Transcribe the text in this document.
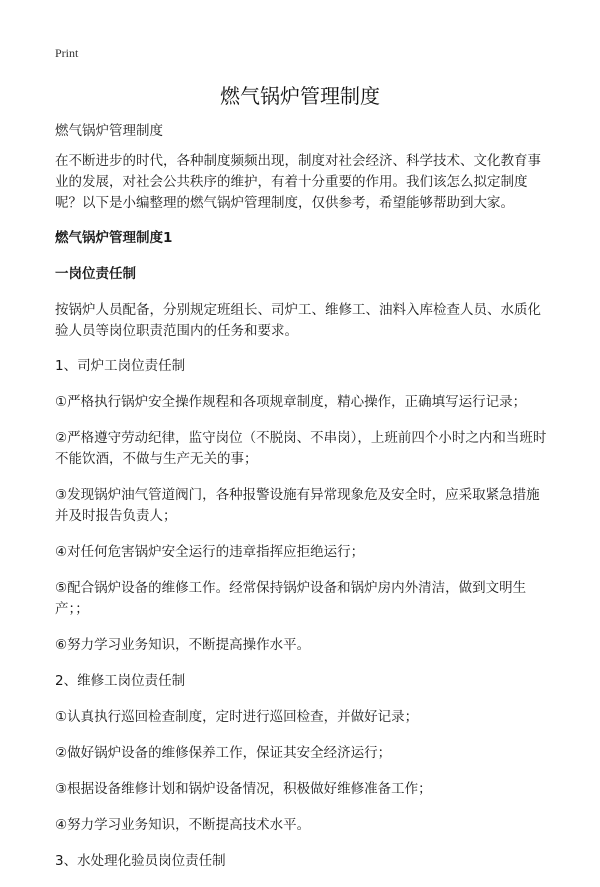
Print
燃气锅炉管理制度

燃气锅炉管理制度

在不断进步的时代，各种制度频频出现，制度对社会经济、科学技术、文化教育事业的发展，对社会公共秩序的维护，有着十分重要的作用。我们该怎么拟定制度呢？以下是小编整理的燃气锅炉管理制度，仅供参考，希望能够帮助到大家。

燃气锅炉管理制度1

一岗位责任制

按锅炉人员配备，分别规定班组长、司炉工、维修工、油料入库检查人员、水质化验人员等岗位职责范围内的任务和要求。

1、司炉工岗位责任制

①严格执行锅炉安全操作规程和各项规章制度，精心操作，正确填写运行记录；

②严格遵守劳动纪律，监守岗位（不脱岗、不串岗），上班前四个小时之内和当班时不能饮酒，不做与生产无关的事；

③发现锅炉油气管道阀门，各种报警设施有异常现象危及安全时，应采取紧急措施并及时报告负责人；

④对任何危害锅炉安全运行的违章指挥应拒绝运行；

⑤配合锅炉设备的维修工作。经常保持锅炉设备和锅炉房内外清洁，做到文明生产；；

⑥努力学习业务知识，不断提高操作水平。

2、维修工岗位责任制

①认真执行巡回检查制度，定时进行巡回检查，并做好记录；

②做好锅炉设备的维修保养工作，保证其安全经济运行；

③根据设备维修计划和锅炉设备情况，积极做好维修准备工作；

④努力学习业务知识，不断提高技术水平。

3、水处理化验员岗位责任制
